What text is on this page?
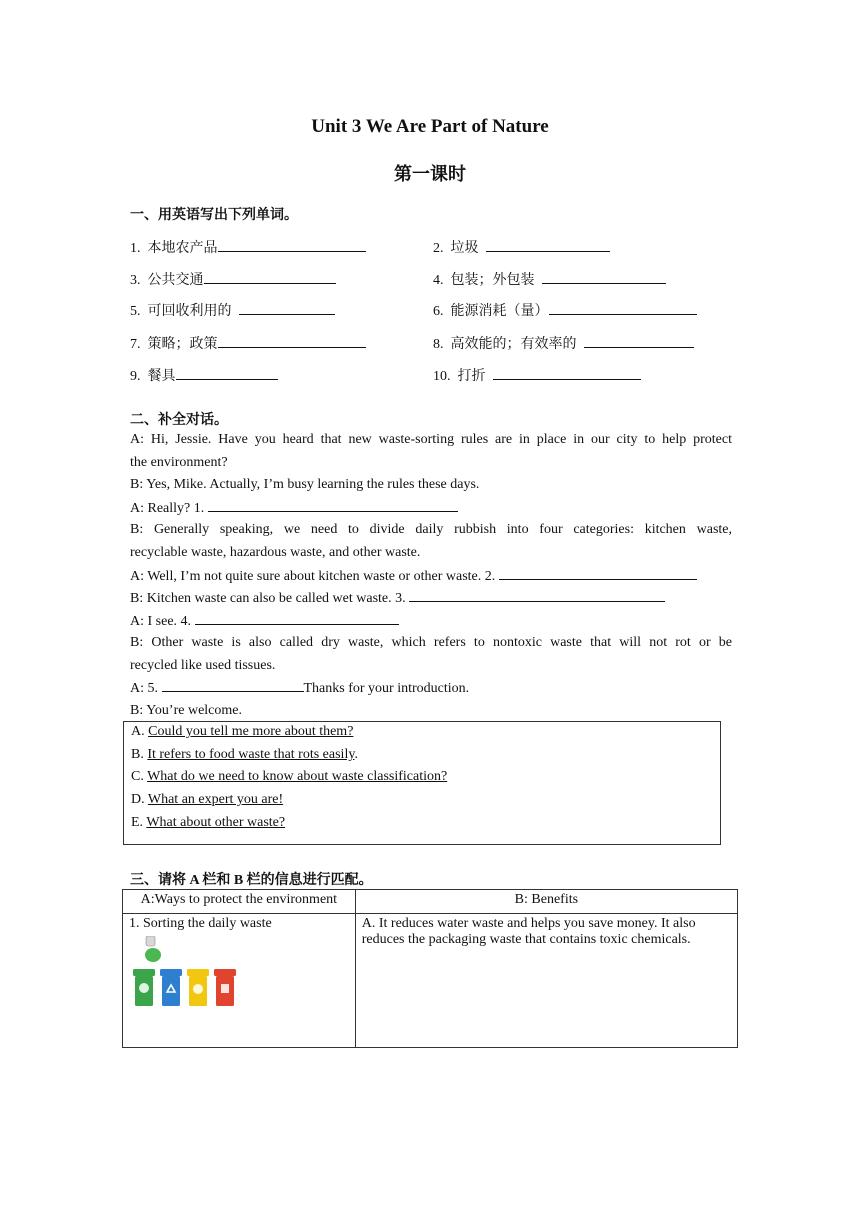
Unit 3 We Are Part of Nature
第一课时
一、用英语写出下列单词。
1. 本地农产品	2. 垃圾
3. 公共交通	4. 包装；外包装
5. 可回收利用的	6. 能源消耗（量）
7. 策略；政策	8. 高效能的；有效率的
9. 餐具	10. 打折
二、补全对话。
A: Hi, Jessie. Have you heard that new waste-sorting rules are in place in our city to help protect
the environment?
B: Yes, Mike. Actually, I’m busy learning the rules these days.
A: Really? 1.
B: Generally speaking, we need to divide daily rubbish into four categories: kitchen waste,
recyclable waste, hazardous waste, and other waste.
A: Well, I’m not quite sure about kitchen waste or other waste. 2.
B: Kitchen waste can also be called wet waste. 3.
A: I see. 4.
B: Other waste is also called dry waste, which refers to nontoxic waste that will not rot or be
recycled like used tissues.
A: 5.	Thanks for your introduction.
B: You’re welcome.
A. Could you tell me more about them?
B. It refers to food waste that rots easily.
C. What do we need to know about waste classification?
D. What an expert you are!
E. What about other waste?
三、请将 A 栏和 B 栏的信息进行匹配。
A:Ways to protect the environment	B: Benefits

1. Sorting the daily waste	A. It reduces water waste and helps you save money. It also
reduces the packaging waste that contains toxic chemicals.
